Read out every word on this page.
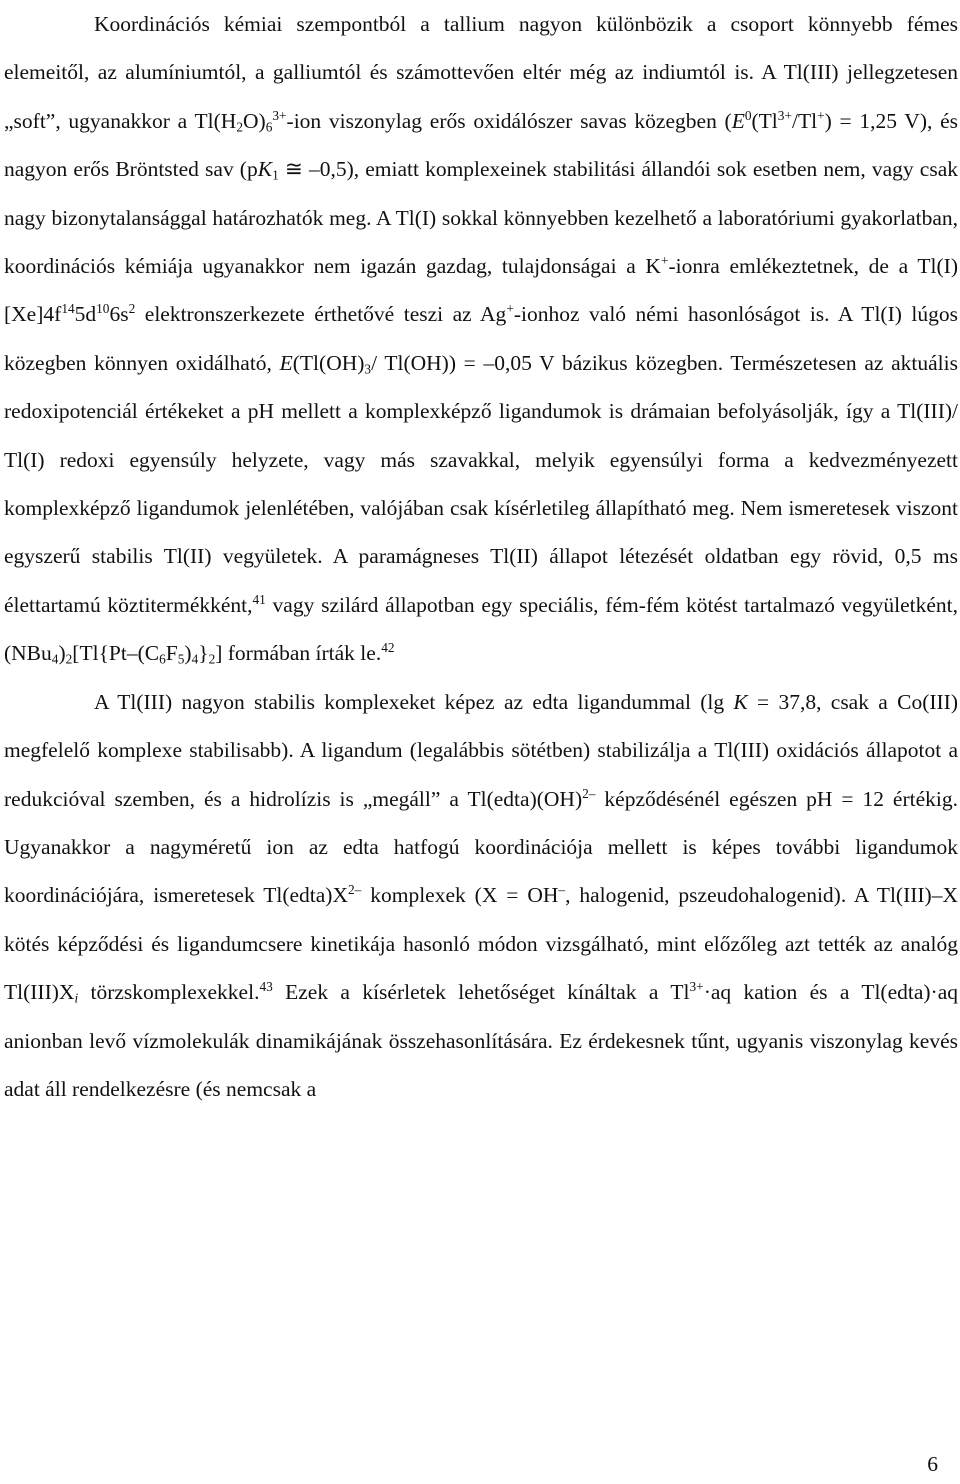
Koordinációs kémiai szempontból a tallium nagyon különbözik a csoport könnyebb fémes elemeitől, az alumíniumtól, a galliumtól és számottevően eltér még az indiumtól is. A Tl(III) jellegzetesen „soft”, ugyanakkor a $Tl(H_2O)_6^{3+}$-ion viszonylag erős oxidálószer savas közegben ($E^0(Tl^{3+}/Tl^+) = 1,25$ V), és nagyon erős Bröntsted sav ($pK_1$ ≅ –0,5), emiatt komplexeinek stabilitási állandói sok esetben nem, vagy csak nagy bizonytalansággal határozhatók meg. A Tl(I) sokkal könnyebben kezelhető a laboratóriumi gyakorlatban, koordinációs kémiája ugyanakkor nem igazán gazdag, tulajdonságai a K+-ionra emlékeztetnek, de a Tl(I) $[Xe]4f^{14}5d^{10}6s^2$ elektronszerkezete érthetővé teszi az Ag+-ionhoz való némi hasonlóságot is. A Tl(I) lúgos közegben könnyen oxidálható, $E(Tl(OH)_3/$ Tl(OH)) = –0,05 V bázikus közegben. Természetesen az aktuális redoxipotenciál értékeket a pH mellett a komplexképző ligandumok is drámaian befolyásolják, így a Tl(III)/ Tl(I) redoxi egyensúly helyzete, vagy más szavakkal, melyik egyensúlyi forma a kedvezményezett komplexképző ligandumok jelenlétében, valójában csak kísérletileg állapítható meg. Nem ismeretesek viszont egyszerű stabilis Tl(II) vegyületek. A paramágneses Tl(II) állapot létezését oldatban egy rövid, 0,5 ms élettartamú köztitermékként,$^{41}$ vagy szilárd állapotban egy speciális, fém-fém kötést tartalmazó vegyületként, $(NBu_4)_2[Tl\{Pt-(C_6F_5)_4\}_2]$ formában írták le.$^{42}$

A Tl(III) nagyon stabilis komplexeket képez az edta ligandummal (lg K = 37,8, csak a Co(III) megfelelő komplexe stabilisabb). A ligandum (legalábbis sötétben) stabilizálja a Tl(III) oxidációs állapotot a redukcióval szemben, és a hidrolízis is „megáll” a Tl(edta)(OH)$^{2-}$ képződésénél egészen pH = 12 értékig. Ugyanakkor a nagyméretű ion az edta hatfogú koordinációja mellett is képes további ligandumok koordinációjára, ismeretesek $Tl(edta)X^{2-}$ komplexek (X = OH–, halogenid, pszeudohalogenid). A Tl(III)–X kötés képződési és ligandumcsere kinetikája hasonló módon vizsgálható, mint előzőleg azt tették az analóg $Tl(III)X_i$ törzskomplexekkel.$^{43}$ Ezek a kísérletek lehetőséget kínáltak a $Tl^{3+}\cdot aq$ kation és a Tl(edta)·aq anionban levő vízmolekulák dinamikájának összehasonlítására. Ez érdekesnek tűnt, ugyanis viszonylag kevés adat áll rendelkezésre (és nemcsak a

6
